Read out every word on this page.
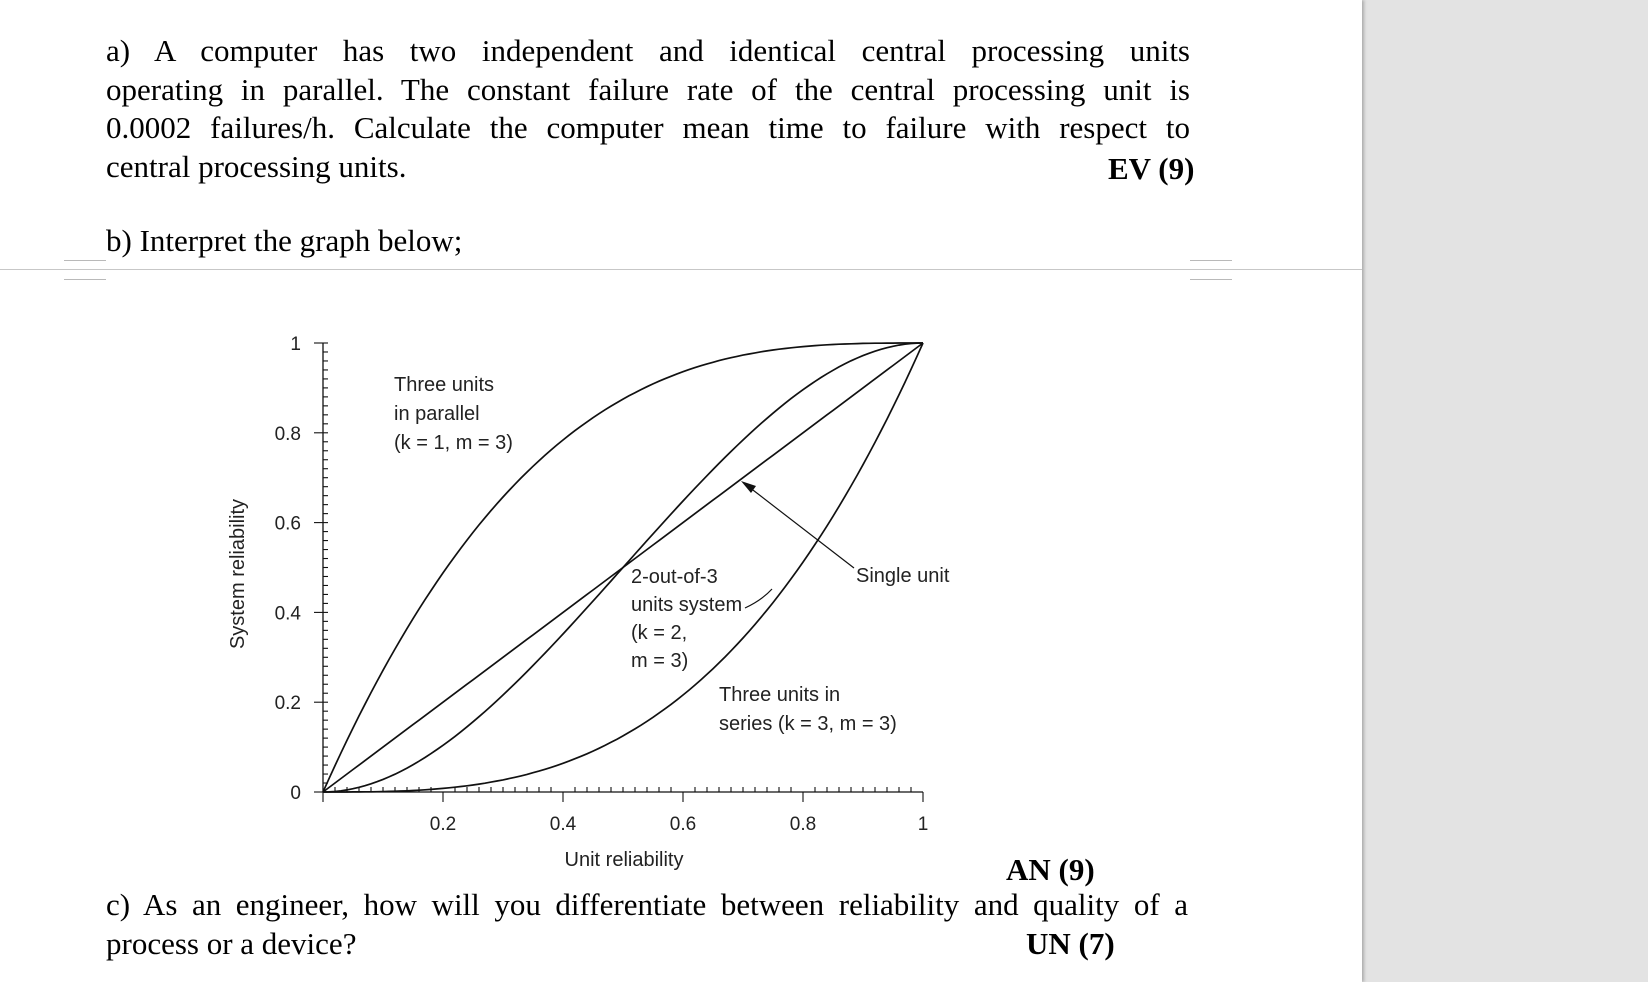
a) A computer has two independent and identical central processing units
operating in parallel. The constant failure rate of the central processing unit is
0.0002 failures/h. Calculate the computer mean time to failure with respect to
central processing units.	EV (9)
b) Interpret the graph below;
0
0.2
0.4
0.6
0.8
1
0.2	0.4	0.6	0.8	1
Three units
in parallel
(k = 1, m = 3)
2-out-of-3
units system
(k = 2,
m = 3)
Single unit
Three units in
series (k = 3, m = 3)
Unit reliability
System reliability
AN (9)
c) As an engineer, how will you differentiate between reliability and quality of a
process or a device?	UN (7)
